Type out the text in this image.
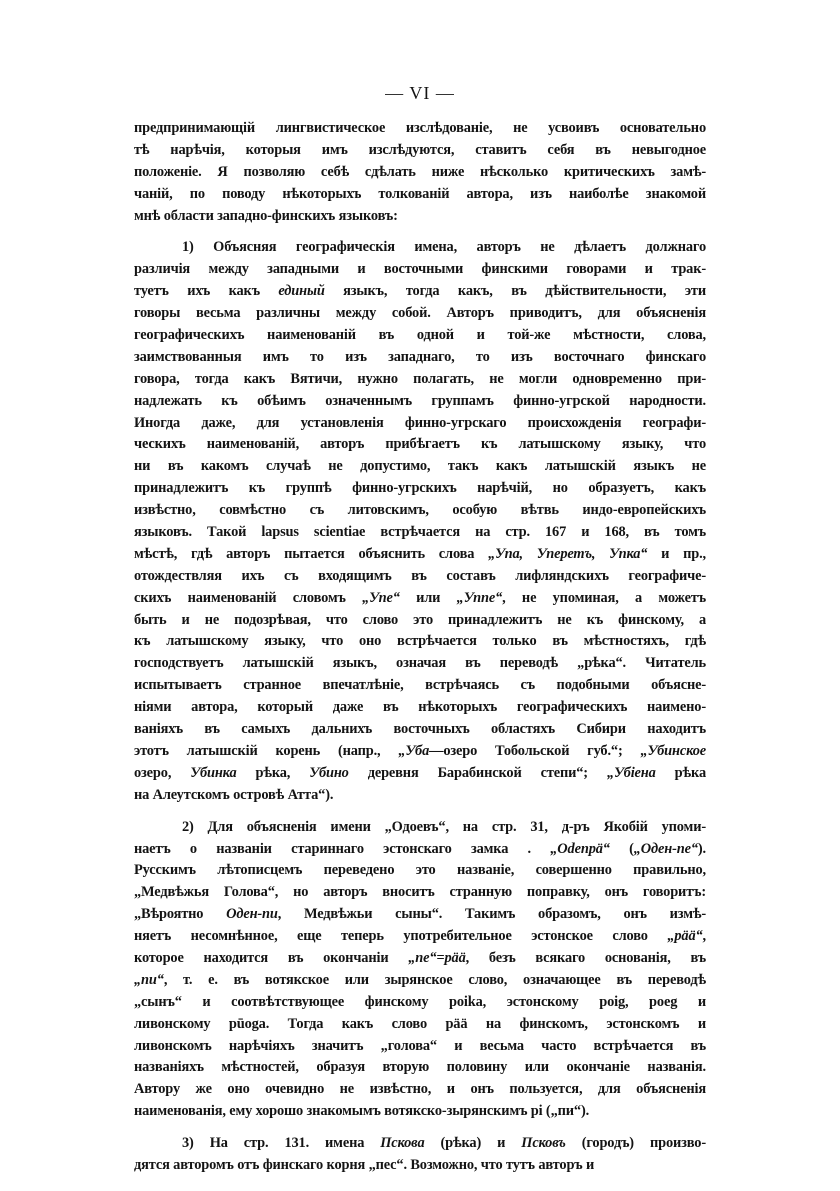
— VI —
предпринимающій лингвистическое изслѣдованіе, не усвоивъ основательно
тѣ нарѣчія, которыя имъ изслѣдуются, ставитъ себя въ невыгодное
положеніе. Я позволяю себѣ сдѣлать ниже нѣсколько критическихъ замѣ-
чаній, по поводу нѣкоторыхъ толкованій автора, изъ наиболѣе знакомой
мнѣ области западно-финскихъ языковъ:
1) Объясняя географическія имена, авторъ не дѣлаетъ должнаго
различія между западными и восточными финскими говорами и трак-
туетъ ихъ какъ единый языкъ, тогда какъ, въ дѣйствительности, эти
говоры весьма различны между собой. Авторъ приводитъ, для объясненія
географическихъ наименованій въ одной и той-же мѣстности, слова,
заимствованныя имъ то изъ западнаго, то изъ восточнаго финскаго
говора, тогда какъ Вятичи, нужно полагать, не могли одновременно при-
надлежать къ обѣимъ означеннымъ группамъ финно-угрской народности.
Иногда даже, для установленія финно-угрскаго происхожденія географи-
ческихъ наименованій, авторъ прибѣгаетъ къ латышскому языку, что
ни въ какомъ случаѣ не допустимо, такъ какъ латышскій языкъ не
принадлежитъ къ группѣ финно-угрскихъ нарѣчій, но образуетъ, какъ
извѣстно, совмѣстно съ литовскимъ, особую вѣтвь индо-европейскихъ
языковъ. Такой lapsus scientiae встрѣчается на стр. 167 и 168, въ томъ
мѣстѣ, гдѣ авторъ пытается объяснить слова „Упа, Уперетъ, Упка“ и пр.,
отождествляя ихъ съ входящимъ въ составъ лифляндскихъ географиче-
скихъ наименованій словомъ „Упе“ или „Уппе“, не упоминая, а можетъ
быть и не подозрѣвая, что слово это принадлежитъ не къ финскому, а
къ латышскому языку, что оно встрѣчается только въ мѣстностяхъ, гдѣ
господствуетъ латышскій языкъ, означая въ переводѣ „рѣка“. Читатель
испытываетъ странное впечатлѣніе, встрѣчаясь съ подобными объясне-
ніями автора, который даже въ нѣкоторыхъ географическихъ наимено-
ваніяхъ въ самыхъ дальнихъ восточныхъ областяхъ Сибири находитъ
этотъ латышскій корень (напр., „Уба—озеро Тобольской губ.“; „Убинское
озеро, Убинка рѣка, Убино деревня Барабинской степи“; „Убіена рѣка
на Алеутскомъ островѣ Атта“).
2) Для объясненія имени „Одоевъ“, на стр. 31, д-ръ Якобій упоми-
наетъ о названіи стариннаго эстонскаго замка . „Odenpä“ („Оден-пе“).
Русскимъ лѣтописцемъ переведено это названіе, совершенно правильно,
„Медвѣжья Голова“, но авторъ вноситъ странную поправку, онъ говоритъ:
„Вѣроятно Оден-пи, Медвѣжьи сыны“. Такимъ образомъ, онъ измѣ-
няетъ несомнѣнное, еще теперь употребительное эстонское слово „pää“,
которое находится въ окончаніи „пе“=pää, безъ всякаго основанія, въ
„пи“, т. е. въ вотякское или зырянское слово, означающее въ переводѣ
„сынъ“ и соотвѣтствующее финскому poika, эстонскому poig, poeg и
ливонскому pūoga. Тогда какъ слово pää на финскомъ, эстонскомъ и
ливонскомъ нарѣчіяхъ значитъ „голова“ и весьма часто встрѣчается въ
названіяхъ мѣстностей, образуя вторую половину или окончаніе названія.
Автору же оно очевидно не извѣстно, и онъ пользуется, для объясненія
наименованія, ему хорошо знакомымъ вотякско-зырянскимъ pi („пи“).
3) На стр. 131. имена Псковa (рѣка) и Псковъ (городъ) произво-
дятся авторомъ отъ финскаго корня „пес“. Возможно, что тутъ авторъ и
